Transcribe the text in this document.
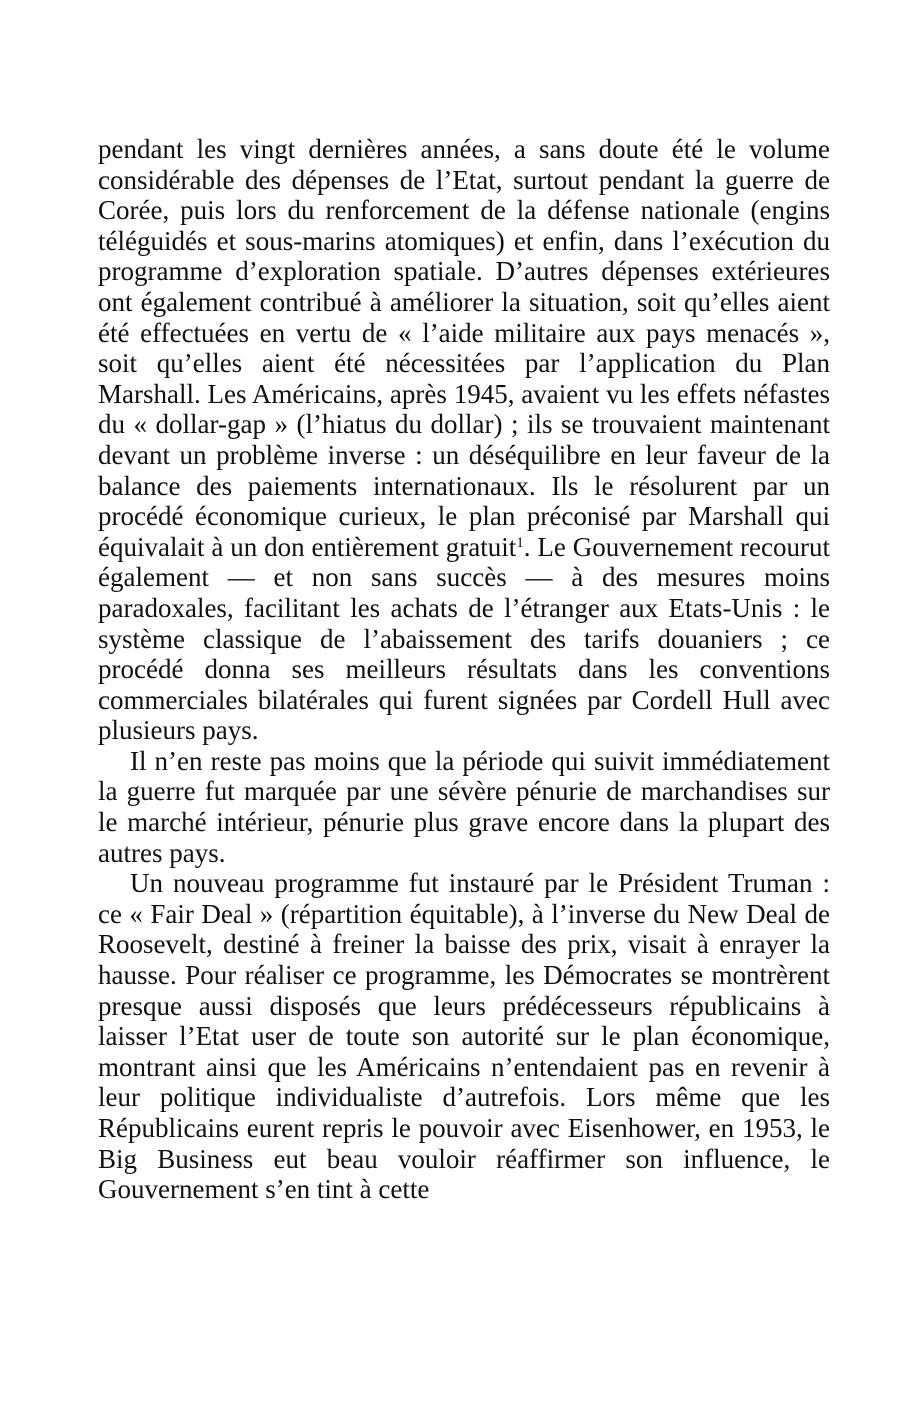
pendant les vingt dernières années, a sans doute été le volume considérable des dépenses de l’Etat, surtout pendant la guerre de Corée, puis lors du renforcement de la défense nationale (engins téléguidés et sous-marins atomiques) et enfin, dans l’exécution du programme d’exploration spatiale. D’autres dépenses extérieures ont également contribué à améliorer la situation, soit qu’elles aient été effectuées en vertu de « l’aide militaire aux pays menacés », soit qu’elles aient été nécessitées par l’application du Plan Marshall. Les Américains, après 1945, avaient vu les effets néfastes du « dollar-gap » (l’hiatus du dollar) ; ils se trouvaient maintenant devant un problème inverse : un déséquilibre en leur faveur de la balance des paiements internationaux. Ils le résolurent par un procédé économique curieux, le plan préconisé par Marshall qui équivalait à un don entièrement gratuit$^1$. Le Gouvernement recourut également — et non sans succès — à des mesures moins paradoxales, facilitant les achats de l’étranger aux Etats-Unis : le système classique de l’abaissement des tarifs douaniers ; ce procédé donna ses meilleurs résultats dans les conventions commerciales bilatérales qui furent signées par Cordell Hull avec plusieurs pays.

Il n’en reste pas moins que la période qui suivit immédiatement la guerre fut marquée par une sévère pénurie de marchandises sur le marché intérieur, pénurie plus grave encore dans la plupart des autres pays.

Un nouveau programme fut instauré par le Président Truman : ce « Fair Deal » (répartition équitable), à l’inverse du New Deal de Roosevelt, destiné à freiner la baisse des prix, visait à enrayer la hausse. Pour réaliser ce programme, les Démocrates se montrèrent presque aussi disposés que leurs prédécesseurs républicains à laisser l’Etat user de toute son autorité sur le plan économique, montrant ainsi que les Américains n’entendaient pas en revenir à leur politique individualiste d’autrefois. Lors même que les Républicains eurent repris le pouvoir avec Eisenhower, en 1953, le Big Business eut beau vouloir réaffirmer son influence, le Gouvernement s’en tint à cette
